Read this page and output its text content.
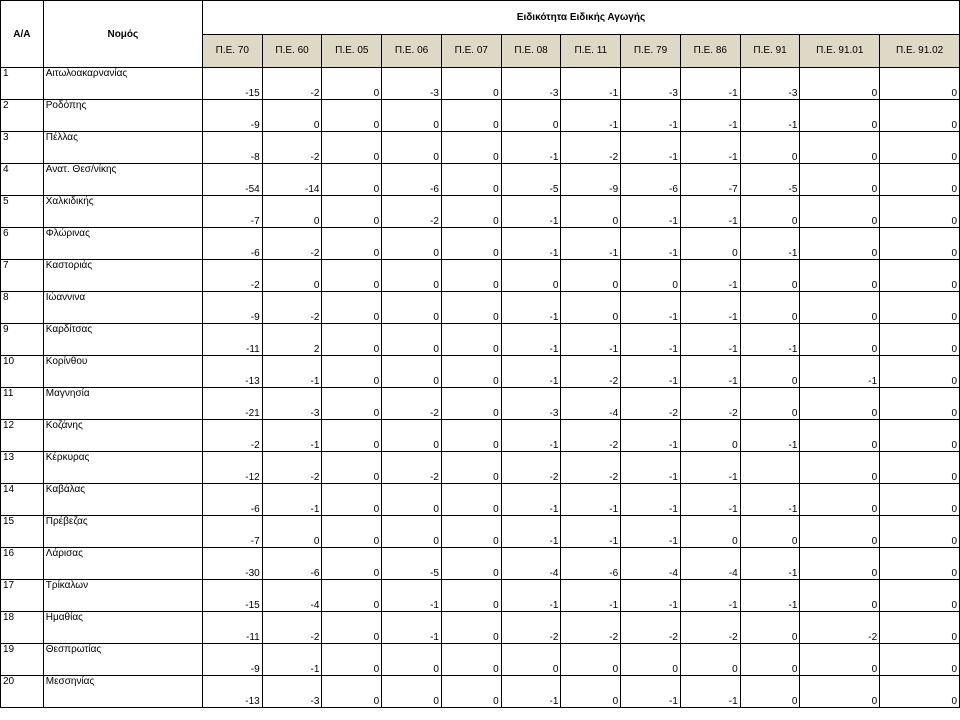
Α/Α	Νομός	Ειδικότητα Ειδικής Αγωγής											
		Π.Ε. 70	Π.Ε. 60	Π.Ε. 05	Π.Ε. 06	Π.Ε. 07	Π.Ε. 08	Π.Ε. 11	Π.Ε. 79	Π.Ε. 86	Π.Ε. 91	Π.Ε. 91.01	Π.Ε. 91.02
1	Αιτωλοακαρνανίας	-15	-2	0	-3	0	-3	-1	-3	-1	-3	0	0
2	Ροδόπης	-9	0	0	0	0	0	-1	-1	-1	-1	0	0
3	Πέλλας	-8	-2	0	0	0	-1	-2	-1	-1	0	0	0
4	Ανατ. Θεσ/νίκης	-54	-14	0	-6	0	-5	-9	-6	-7	-5	0	0
5	Χαλκιδικής	-7	0	0	-2	0	-1	0	-1	-1	0	0	0
6	Φλώρινας	-6	-2	0	0	0	-1	-1	-1	0	-1	0	0
7	Καστοριάς	-2	0	0	0	0	0	0	0	-1	0	0	0
8	Ιώαννινα	-9	-2	0	0	0	-1	0	-1	-1	0	0	0
9	Καρδίτσας	-11	2	0	0	0	-1	-1	-1	-1	-1	0	0
10	Κορίνθου	-13	-1	0	0	0	-1	-2	-1	-1	0	-1	0
11	Μαγνησία	-21	-3	0	-2	0	-3	-4	-2	-2	0	0	0
12	Κοζάνης	-2	-1	0	0	0	-1	-2	-1	0	-1	0	0
13	Κέρκυρας	-12	-2	0	-2	0	-2	-2	-1	-1		0	0
14	Καβάλας	-6	-1	0	0	0	-1	-1	-1	-1	-1	0	0
15	Πρέβεζας	-7	0	0	0	0	-1	-1	-1	0	0	0	0
16	Λάρισας	-30	-6	0	-5	0	-4	-6	-4	-4	-1	0	0
17	Τρίκαλων	-15	-4	0	-1	0	-1	-1	-1	-1	-1	0	0
18	Ημαθίας	-11	-2	0	-1	0	-2	-2	-2	-2	0	-2	0
19	Θεσπρωτίας	-9	-1	0	0	0	0	0	0	0	0	0	0
20	Μεσσηνίας	-13	-3	0	0	0	-1	0	-1	-1	0	0	0
